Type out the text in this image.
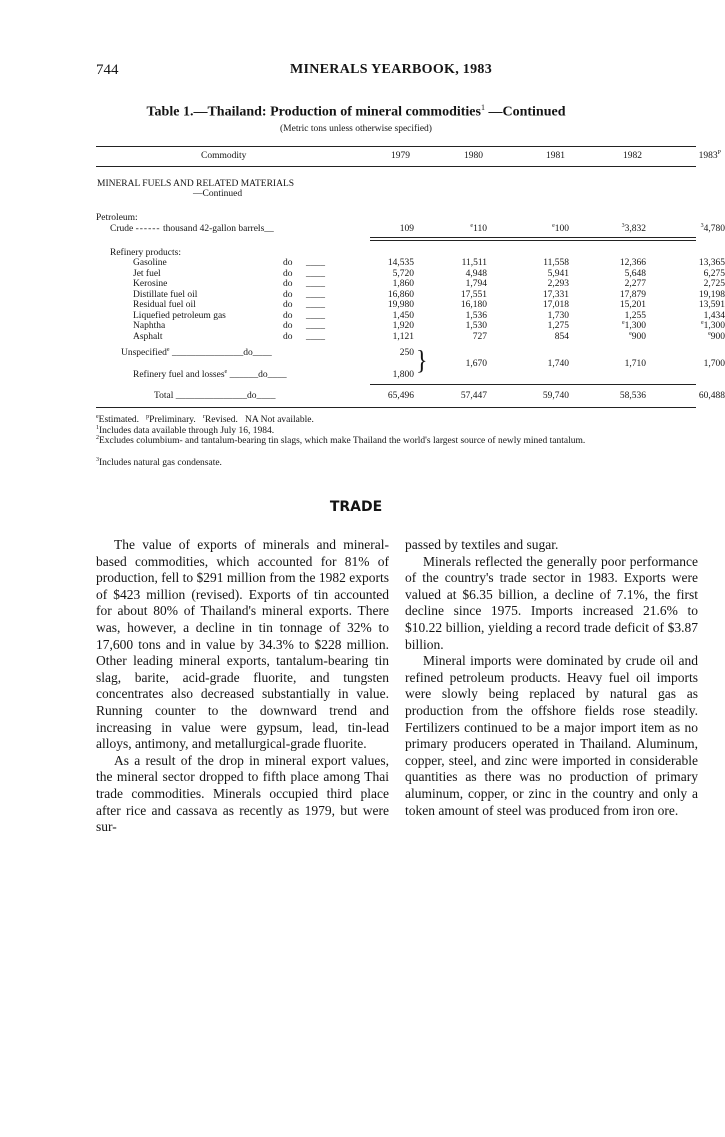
744	MINERALS YEARBOOK, 1983
Table 1.—Thailand: Production of mineral commodities$^1$ —Continued
(Metric tons unless otherwise specified)
Commodity	1979	1980	1981	1982	$1983^P$
MINERAL FUELS AND RELATED MATERIALS
—Continued
Petroleum:
Crude ------ thousand 42-gallon barrels__	109	$^e$110	$^e$100	$^3$3,832	$^3$4,780
Refinery products:
Gasoline	do ____	14,535	11,511	11,558	12,366	13,365
Jet fuel	do ____	5,720	4,948	5,941	5,648	6,275
Kerosine	do ____	1,860	1,794	2,293	2,277	2,725
Distillate fuel oil	do ____	16,860	17,551	17,331	17,879	19,198
Residual fuel oil	do ____	19,980	16,180	17,018	15,201	13,591
Liquefied petroleum gas	do ____	1,450	1,536	1,730	1,255	1,434
Naphtha	do ____	1,920	1,530	1,275	$^e$1,300	$^e$1,300
Asphalt	do ____	1,121	727	854	$^e$900	$^e$900
Unspecified$^e$ _______________do____	250 }	1,670	1,740	1,710	1,700
Refinery fuel and losses$^e$ ______do____	1,800
Total _______________do____	65,496	57,447	59,740	58,536	60,488
$^e$Estimated.   $^p$Preliminary.   $^r$Revised.   NA Not available.
$^1$Includes data available through July 16, 1984.
$^2$Excludes columbium- and tantalum-bearing tin slags, which make Thailand the world's largest source of newly mined tantalum.
$^3$Includes natural gas condensate.
TRADE

The value of exports of minerals and mineral-based commodities, which accounted for 81% of production, fell to $291 million from the 1982 exports of $423 million (revised). Exports of tin accounted for about 80% of Thailand's mineral exports. There was, however, a decline in tin tonnage of 32% to 17,600 tons and in value by 34.3% to $228 million. Other leading mineral exports, tantalum-bearing tin slag, barite, acid-grade fluorite, and tungsten concentrates also decreased substantially in value. Running counter to the downward trend and increasing in value were gypsum, lead, tin-lead alloys, antimony, and metallurgical-grade fluorite.

As a result of the drop in mineral export values, the mineral sector dropped to fifth place among Thai trade commodities. Minerals occupied third place after rice and cassava as recently as 1979, but were sur-

passed by textiles and sugar.

Minerals reflected the generally poor performance of the country's trade sector in 1983. Exports were valued at $6.35 billion, a decline of 7.1%, the first decline since 1975. Imports increased 21.6% to $10.22 billion, yielding a record trade deficit of $3.87 billion.

Mineral imports were dominated by crude oil and refined petroleum products. Heavy fuel oil imports were slowly being replaced by natural gas as production from the offshore fields rose steadily. Fertilizers continued to be a major import item as no primary producers operated in Thailand. Aluminum, copper, steel, and zinc were imported in considerable quantities as there was no production of primary aluminum, copper, or zinc in the country and only a token amount of steel was produced from iron ore.
